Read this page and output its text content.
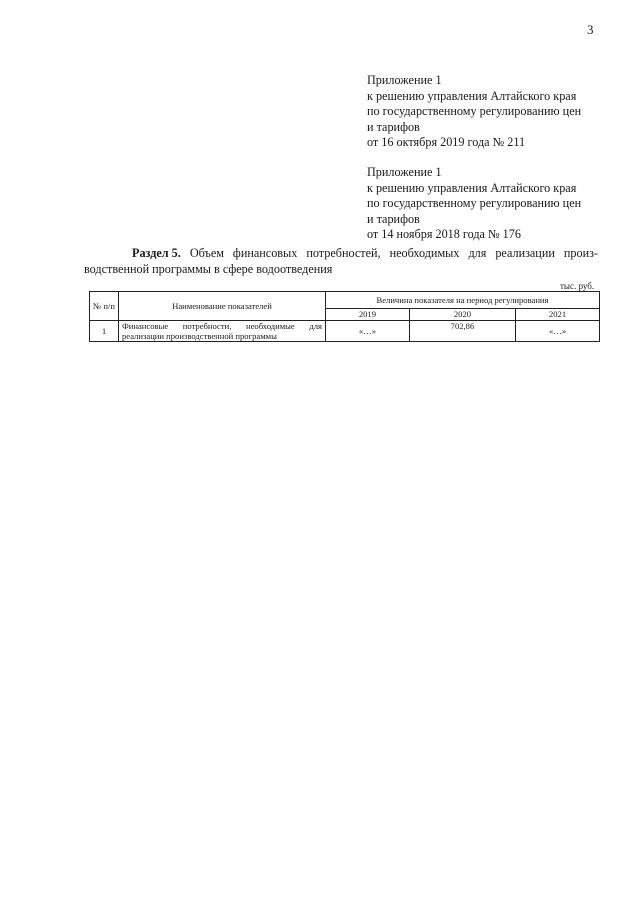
3
Приложение 1
к решению управления Алтайского края
по государственному регулированию цен
и тарифов
от 16 октября 2019 года № 211
Приложение 1
к решению управления Алтайского края
по государственному регулированию цен
и тарифов
от 14 ноября 2018 года № 176
Раздел 5. Объем финансовых потребностей, необходимых для реализации произ-
водственной программы в сфере водоотведения
тыс. руб.
№ п/п	Наименование показателей	Величина показателя на период регулирования		
		2019	2020	2021
1	Финансовые потребности, необходимые для реализации производственной программы	«…»	702,86	«…»
